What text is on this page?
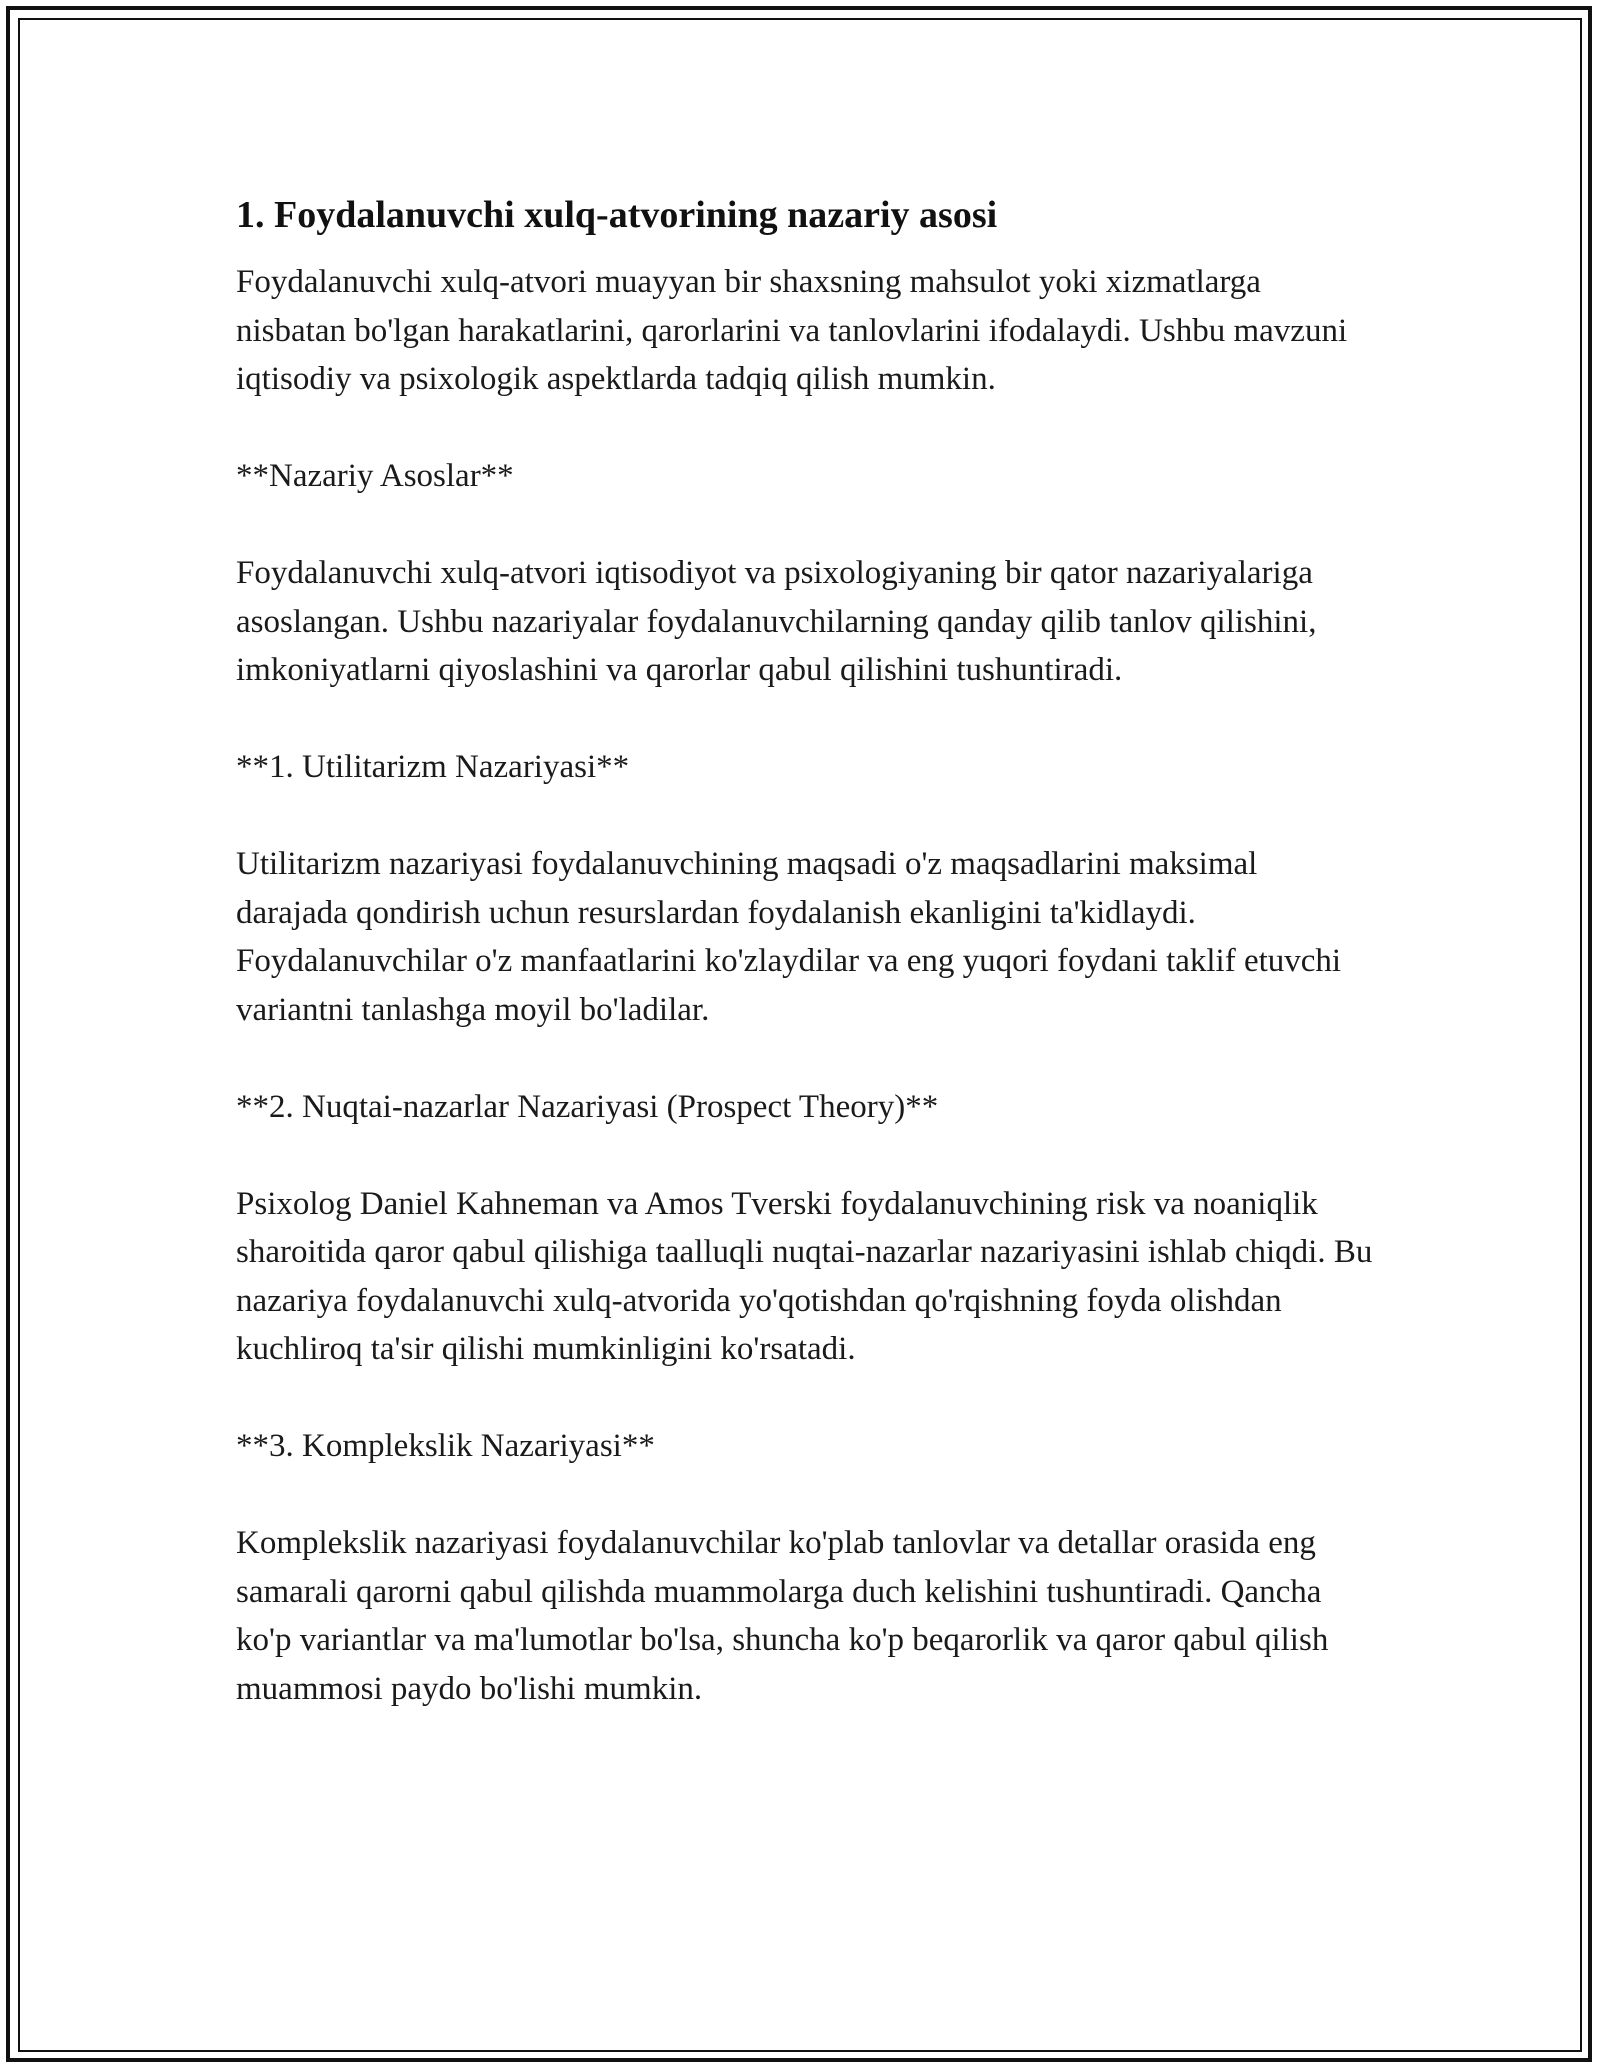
1. Foydalanuvchi xulq-atvorining nazariy asosi

Foydalanuvchi xulq-atvori muayyan bir shaxsning mahsulot yoki xizmatlarga nisbatan bo'lgan harakatlarini, qarorlarini va tanlovlarini ifodalaydi. Ushbu mavzuni iqtisodiy va psixologik aspektlarda tadqiq qilish mumkin.

**Nazariy Asoslar**

Foydalanuvchi xulq-atvori iqtisodiyot va psixologiyaning bir qator nazariyalariga asoslangan. Ushbu nazariyalar foydalanuvchilarning qanday qilib tanlov qilishini, imkoniyatlarni qiyoslashini va qarorlar qabul qilishini tushuntiradi.

**1. Utilitarizm Nazariyasi**

Utilitarizm nazariyasi foydalanuvchining maqsadi o'z maqsadlarini maksimal darajada qondirish uchun resurslardan foydalanish ekanligini ta'kidlaydi. Foydalanuvchilar o'z manfaatlarini ko'zlaydilar va eng yuqori foydani taklif etuvchi variantni tanlashga moyil bo'ladilar.

**2. Nuqtai-nazarlar Nazariyasi (Prospect Theory)**

Psixolog Daniel Kahneman va Amos Tverski foydalanuvchining risk va noaniqlik sharoitida qaror qabul qilishiga taalluqli nuqtai-nazarlar nazariyasini ishlab chiqdi. Bu nazariya foydalanuvchi xulq-atvorida yo'qotishdan qo'rqishning foyda olishdan kuchliroq ta'sir qilishi mumkinligini ko'rsatadi.

**3. Komplekslik Nazariyasi**

Komplekslik nazariyasi foydalanuvchilar ko'plab tanlovlar va detallar orasida eng samarali qarorni qabul qilishda muammolarga duch kelishini tushuntiradi. Qancha ko'p variantlar va ma'lumotlar bo'lsa, shuncha ko'p beqarorlik va qaror qabul qilish muammosi paydo bo'lishi mumkin.
